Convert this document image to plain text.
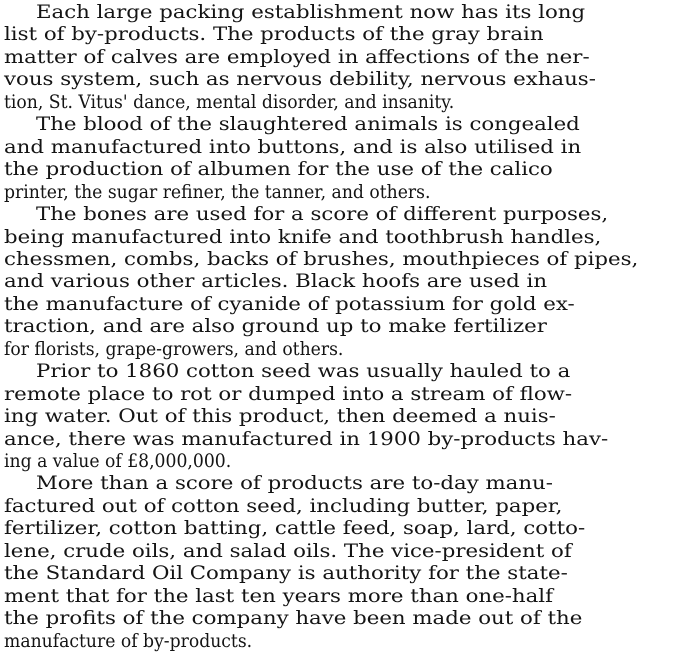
Each large packing establishment now has its long
list of by-products. The products of the gray brain
matter of calves are employed in affections of the ner-
vous system, such as nervous debility, nervous exhaus-
tion, St. Vitus' dance, mental disorder, and insanity.
The blood of the slaughtered animals is congealed
and manufactured into buttons, and is also utilised in
the production of albumen for the use of the calico
printer, the sugar refiner, the tanner, and others.
The bones are used for a score of different purposes,
being manufactured into knife and toothbrush handles,
chessmen, combs, backs of brushes, mouthpieces of pipes,
and various other articles. Black hoofs are used in
the manufacture of cyanide of potassium for gold ex-
traction, and are also ground up to make fertilizer
for florists, grape-growers, and others.
Prior to 1860 cotton seed was usually hauled to a
remote place to rot or dumped into a stream of flow-
ing water. Out of this product, then deemed a nuis-
ance, there was manufactured in 1900 by-products hav-
ing a value of £8,000,000.
More than a score of products are to-day manu-
factured out of cotton seed, including butter, paper,
fertilizer, cotton batting, cattle feed, soap, lard, cotto-
lene, crude oils, and salad oils. The vice-president of
the Standard Oil Company is authority for the state-
ment that for the last ten years more than one-half
the profits of the company have been made out of the
manufacture of by-products.
